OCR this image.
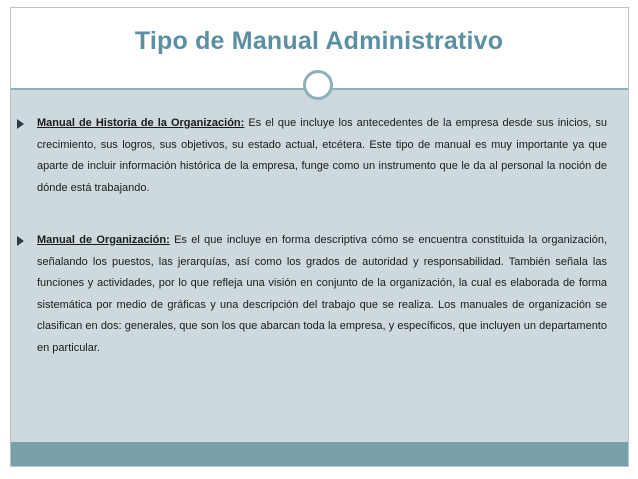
Tipo de Manual Administrativo
Manual de Historia de la Organización: Es el que incluye los antecedentes de la empresa desde sus inicios, su crecimiento, sus logros, sus objetivos, su estado actual, etcétera. Este tipo de manual es muy importante ya que aparte de incluir información histórica de la empresa, funge como un instrumento que le da al personal la noción de dónde está trabajando.
Manual de Organización: Es el que incluye en forma descriptiva cómo se encuentra constituida la organización, señalando los puestos, las jerarquías, así como los grados de autoridad y responsabilidad. También señala las funciones y actividades, por lo que refleja una visión en conjunto de la organización, la cual es elaborada de forma sistemática por medio de gráficas y una descripción del trabajo que se realiza. Los manuales de organización se clasifican en dos: generales, que son los que abarcan toda la empresa, y específicos, que incluyen un departamento en particular.
